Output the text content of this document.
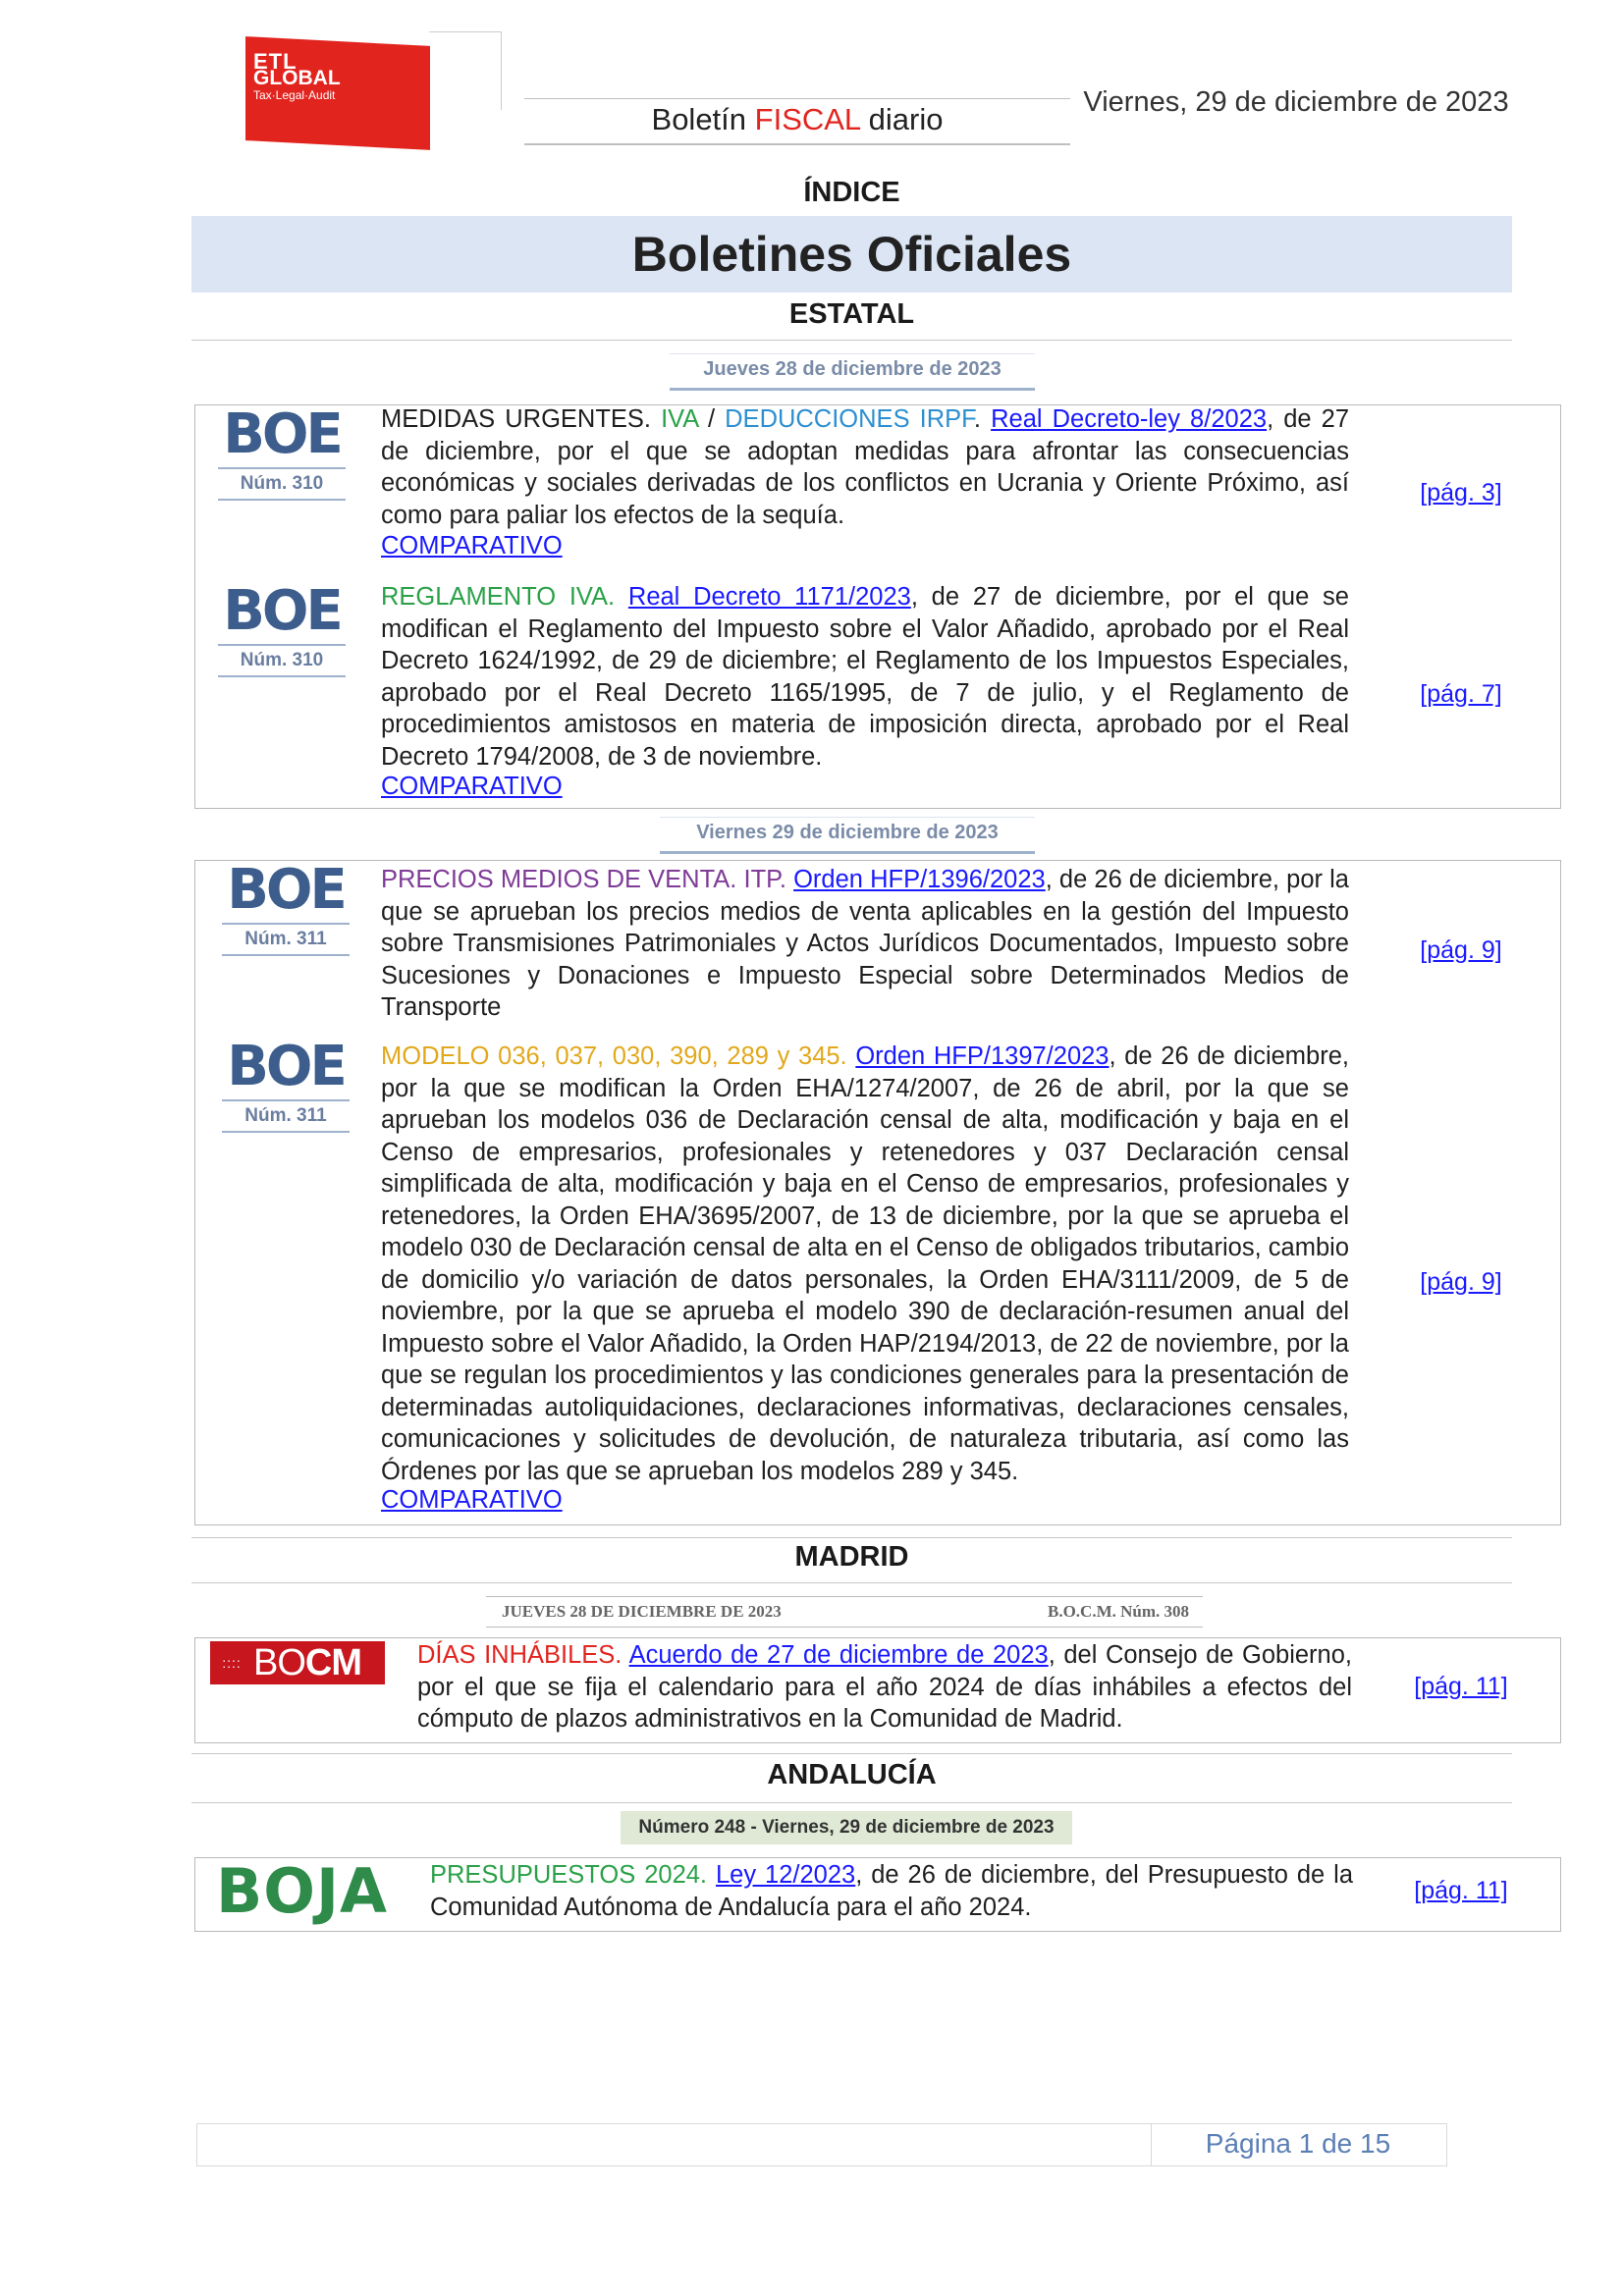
ETL
GLOBAL
Tax·Legal·Audit
Boletín FISCAL diario	Viernes, 29 de diciembre de 2023
ÍNDICE
Boletines Oficiales
ESTATAL
Jueves 28 de diciembre de 2023
BOE
Núm. 310
MEDIDAS URGENTES. IVA / DEDUCCIONES IRPF. Real Decreto-ley 8/2023, de 27 de diciembre, por el que se adoptan medidas para afrontar las consecuencias económicas y sociales derivadas de los conflictos en Ucrania y Oriente Próximo, así como para paliar los efectos de la sequía.
COMPARATIVO
[pág. 3]
BOE
Núm. 310
REGLAMENTO IVA. Real Decreto 1171/2023, de 27 de diciembre, por el que se modifican el Reglamento del Impuesto sobre el Valor Añadido, aprobado por el Real Decreto 1624/1992, de 29 de diciembre; el Reglamento de los Impuestos Especiales, aprobado por el Real Decreto 1165/1995, de 7 de julio, y el Reglamento de procedimientos amistosos en materia de imposición directa, aprobado por el Real Decreto 1794/2008, de 3 de noviembre.
COMPARATIVO
[pág. 7]
Viernes 29 de diciembre de 2023
BOE
Núm. 311
PRECIOS MEDIOS DE VENTA. ITP. Orden HFP/1396/2023, de 26 de diciembre, por la que se aprueban los precios medios de venta aplicables en la gestión del Impuesto sobre Transmisiones Patrimoniales y Actos Jurídicos Documentados, Impuesto sobre Sucesiones y Donaciones e Impuesto Especial sobre Determinados Medios de Transporte
[pág. 9]
BOE
Núm. 311
MODELO 036, 037, 030, 390, 289 y 345. Orden HFP/1397/2023, de 26 de diciembre, por la que se modifican la Orden EHA/1274/2007, de 26 de abril, por la que se aprueban los modelos 036 de Declaración censal de alta, modificación y baja en el Censo de empresarios, profesionales y retenedores y 037 Declaración censal simplificada de alta, modificación y baja en el Censo de empresarios, profesionales y retenedores, la Orden EHA/3695/2007, de 13 de diciembre, por la que se aprueba el modelo 030 de Declaración censal de alta en el Censo de obligados tributarios, cambio de domicilio y/o variación de datos personales, la Orden EHA/3111/2009, de 5 de noviembre, por la que se aprueba el modelo 390 de declaración-resumen anual del Impuesto sobre el Valor Añadido, la Orden HAP/2194/2013, de 22 de noviembre, por la que se regulan los procedimientos y las condiciones generales para la presentación de determinadas autoliquidaciones, declaraciones informativas, declaraciones censales, comunicaciones y solicitudes de devolución, de naturaleza tributaria, así como las Órdenes por las que se aprueban los modelos 289 y 345.
COMPARATIVO
[pág. 9]
MADRID
JUEVES 28 DE DICIEMBRE DE 2023	B.O.C.M. Núm. 308
:::: BO CM DÍAS INHÁBILES. Acuerdo de 27 de diciembre de 2023, del Consejo de Gobierno, por el que se fija el calendario para el año 2024 de días inhábiles a efectos del cómputo de plazos administrativos en la Comunidad de Madrid.
[pág. 11]
ANDALUCÍA
Número 248 - Viernes, 29 de diciembre de 2023
BOJA PRESUPUESTOS 2024. Ley 12/2023, de 26 de diciembre, del Presupuesto de la Comunidad Autónoma de Andalucía para el año 2024.
[pág. 11]
Página 1 de 15
